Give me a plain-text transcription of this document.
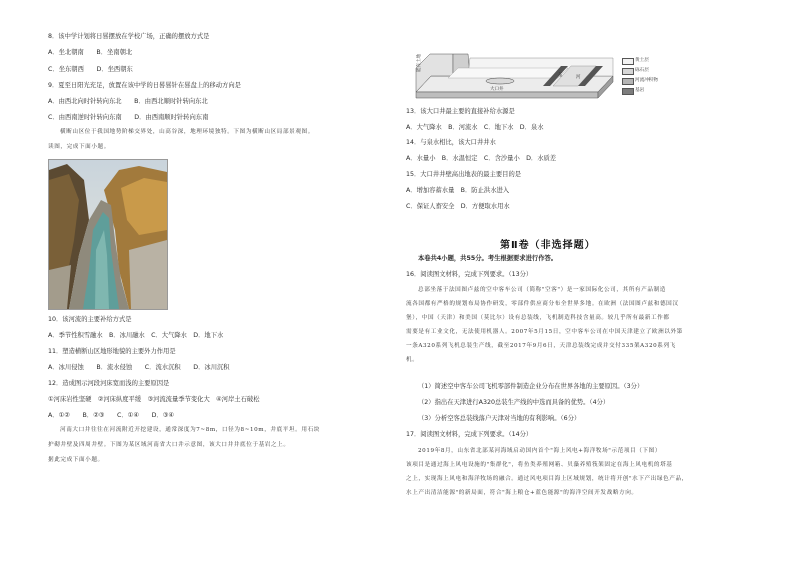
8．该中学计划将日晷摆放在学校广场，正确的摆放方式是
A．坐北朝南　　B．坐南朝北
C．坐东朝西　　D．坐西朝东
9．夏至日阳光充足，放置在该中学的日晷晷针在晷盘上的移动方向是
A．由西北向时针转向东北　　B．由西北顺时针转向东北
C．由西南逆时针转向东南　　D．由西南顺时针转向东南
横断山区位于我国地势阶梯交界处，山高谷深，地理环境独特。下图为横断山区局部景观图。
读图，完成下面小题。
10．该河流的主要补给方式是
A．季节性积雪融水　B．冰川融水　C．大气降水　D．地下水
11．塑造横断山区地形地貌的主要外力作用是
A．冰川侵蚀　　B．流水侵蚀　　C．流水沉积　　D．冰川沉积
12．造成图示河段河床宽而浅的主要原因是
①河床岩性坚硬　②河床纵度平缓　③河流流量季节变化大　④河岸土石破松
A．①②　　B．②③　　C．①④　　D．③④
河南大口井往往在河流附近开挖建设，通常深度为7~8m，口径为8~10m，井底平坦。用石块
护砌井壁及四周井壁。下图为某区域河南省大口井示意图，该大口井井底位于基岩之上。
据此完成下面小题。
能有土地
大口井
河
东
黄土层
砾石层
河流冲积物
基岩
13．该大口井最主要的直接补给水源是
A．大气降水　B．河流水　C．地下水　D．泉水
14．与泉水相比，该大口井井水
A．水量小　B．水温恒定　C．含沙量小　D．水质差
15．大口井井壁高出地表的最主要目的是
A．增加容蓄水量　B．防止洪水进入
C．保证人畜安全　D．方便取水用水
第Ⅱ卷（非选择题）
本卷共4小题，共55分。考生根据要求进行作答。
16．阅读图文材料，完成下列要求。（13分）
总部坐落于法国图卢兹的空中客车公司（简称"空客"）是一家国际化公司，其所有产品制造
流各国都有严格的规划布局协作研发，零部件供应商分布全世界多地。在欧洲（法国图卢兹和德国汉
堡），中国（天津）和美国（莫比尔）设有总装线，飞机制造科技含量高。较几乎所有最新工作都
需要是有工业文化，无法使用机器人。2007年5月15日，空中客车公司在中国天津建立了欧洲以外第
一条A320系列飞机总装生产线，截至2017年9月6日，天津总装线完成并交付335架A320系列飞
机。
（1）简述空中客车公司飞机零部件制造企业分布在世界各地的主要原因。（3分）
（2）指出在天津进行A320总装生产线的中选而具备的优势。（4分）
（3）分析空客总装线落户天津对当地的有利影响。（6分）
17．阅读图文材料，完成下列要求。（14分）
2019年8月，山东省北部某河海域启动国内首个"海上风电+海洋牧场"示范项目（下图）
该项目是通过海上风电设施的"集群化"，将鱼类养殖网箱、贝藻养殖筏架固定在海上风电机的塔基
之上，实现海上风电和海洋牧场的融合。通过风电项目海上区域规划，统计将开创"水下产出绿色产品，
水上产出清洁能源"的新局面，符合"海上粮仓+蓝色能源"的海洋空间开发战略方向。
